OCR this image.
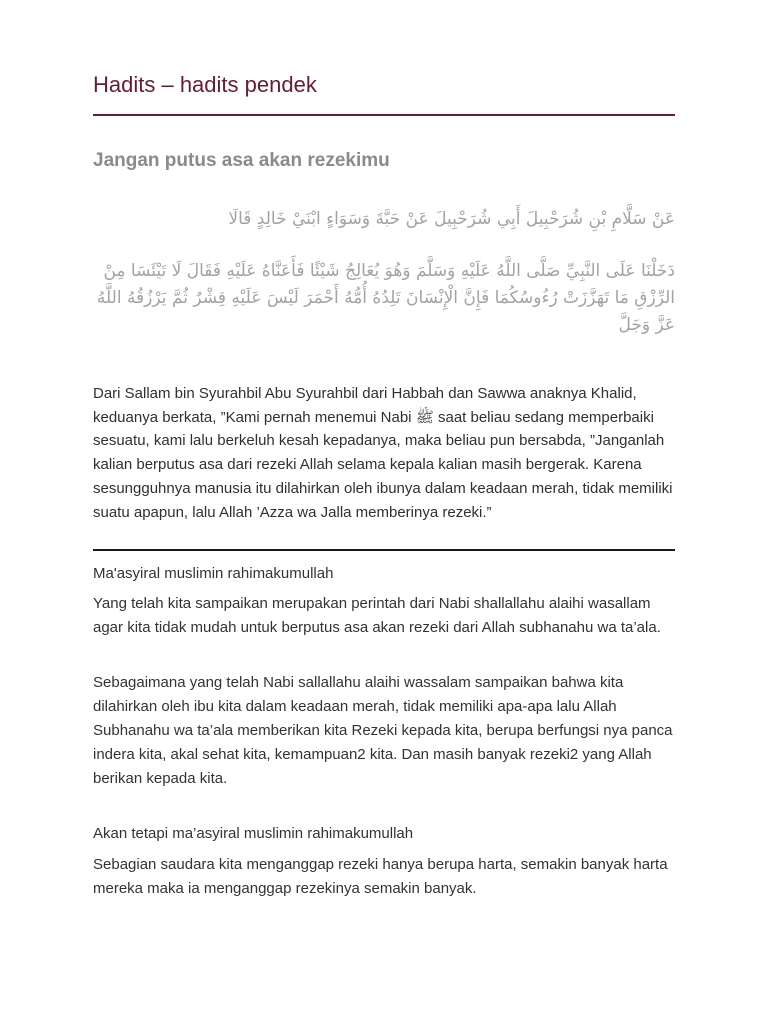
Hadits – hadits pendek
Jangan putus asa akan rezekimu

عَنْ سَلَّامِ بْنِ شُرَحْبِيلَ أَبِي شُرَحْبِيلَ عَنْ حَبَّةَ وَسَوَاءٍ ابْنَيْ خَالِدٍ قَالَا

دَخَلْنَا عَلَى النَّبِيِّ صَلَّى اللَّهُ عَلَيْهِ وَسَلَّمَ وَهُوَ يُعَالِجُ شَيْئًا فَأَعَنَّاهُ عَلَيْهِ فَقَالَ لَا تَيْئَسَا مِنْ الرِّزْقِ مَا تَهَزَّزَتْ رُءُوسُكُمَا فَإِنَّ الْإِنْسَانَ تَلِدُهُ أُمُّهُ أَحْمَرَ لَيْسَ عَلَيْهِ قِشْرٌ ثُمَّ يَرْزُقُهُ اللَّهُ عَزَّ وَجَلَّ

Dari Sallam bin Syurahbil Abu Syurahbil dari Habbah dan Sawwa anaknya Khalid, keduanya berkata, ”Kami pernah menemui Nabi ﷺ saat beliau sedang memperbaiki sesuatu, kami lalu berkeluh kesah kepadanya, maka beliau pun bersabda, ”Janganlah kalian berputus asa dari rezeki Allah selama kepala kalian masih bergerak. Karena sesungguhnya manusia itu dilahirkan oleh ibunya dalam keadaan merah, tidak memiliki suatu apapun, lalu Allah ’Azza wa Jalla memberinya rezeki.”

Ma'asyiral muslimin rahimakumullah

Yang telah kita sampaikan merupakan perintah dari Nabi shallallahu alaihi wasallam agar kita tidak mudah untuk berputus asa akan rezeki dari Allah subhanahu wa ta’ala.

Sebagaimana yang telah Nabi sallallahu alaihi wassalam sampaikan bahwa kita dilahirkan oleh ibu kita dalam keadaan merah, tidak memiliki apa-apa lalu Allah Subhanahu wa ta’ala memberikan kita Rezeki kepada kita, berupa berfungsi nya panca indera kita, akal sehat kita, kemampuan2 kita. Dan masih banyak rezeki2 yang Allah berikan kepada kita.

Akan tetapi ma’asyiral muslimin rahimakumullah

Sebagian saudara kita menganggap rezeki hanya berupa harta, semakin banyak harta mereka maka ia menganggap rezekinya semakin banyak.
